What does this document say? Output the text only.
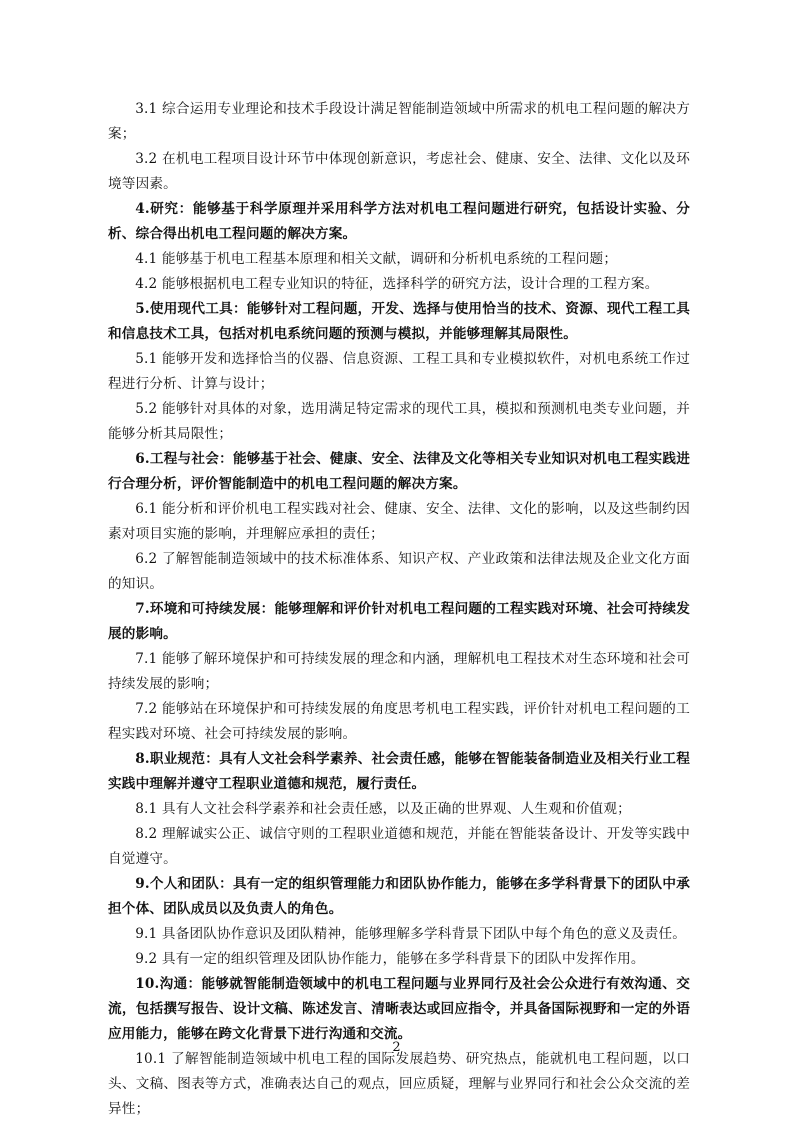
3.1 综合运用专业理论和技术手段设计满足智能制造领域中所需求的机电工程问题的解决方案；

3.2 在机电工程项目设计环节中体现创新意识，考虑社会、健康、安全、法律、文化以及环境等因素。

4.研究：能够基于科学原理并采用科学方法对机电工程问题进行研究，包括设计实验、分析、综合得出机电工程问题的解决方案。

4.1 能够基于机电工程基本原理和相关文献，调研和分析机电系统的工程问题；

4.2 能够根据机电工程专业知识的特征，选择科学的研究方法，设计合理的工程方案。

5.使用现代工具：能够针对工程问题，开发、选择与使用恰当的技术、资源、现代工程工具和信息技术工具，包括对机电系统问题的预测与模拟，并能够理解其局限性。

5.1 能够开发和选择恰当的仪器、信息资源、工程工具和专业模拟软件，对机电系统工作过程进行分析、计算与设计；

5.2 能够针对具体的对象，选用满足特定需求的现代工具，模拟和预测机电类专业问题，并能够分析其局限性；

6.工程与社会：能够基于社会、健康、安全、法律及文化等相关专业知识对机电工程实践进行合理分析，评价智能制造中的机电工程问题的解决方案。

6.1 能分析和评价机电工程实践对社会、健康、安全、法律、文化的影响，以及这些制约因素对项目实施的影响，并理解应承担的责任；

6.2 了解智能制造领域中的技术标准体系、知识产权、产业政策和法律法规及企业文化方面的知识。

7.环境和可持续发展：能够理解和评价针对机电工程问题的工程实践对环境、社会可持续发展的影响。

7.1 能够了解环境保护和可持续发展的理念和内涵，理解机电工程技术对生态环境和社会可持续发展的影响；

7.2 能够站在环境保护和可持续发展的角度思考机电工程实践，评价针对机电工程问题的工程实践对环境、社会可持续发展的影响。

8.职业规范：具有人文社会科学素养、社会责任感，能够在智能装备制造业及相关行业工程实践中理解并遵守工程职业道德和规范，履行责任。

8.1 具有人文社会科学素养和社会责任感，以及正确的世界观、人生观和价值观；

8.2 理解诚实公正、诚信守则的工程职业道德和规范，并能在智能装备设计、开发等实践中自觉遵守。

9.个人和团队：具有一定的组织管理能力和团队协作能力，能够在多学科背景下的团队中承担个体、团队成员以及负责人的角色。

9.1 具备团队协作意识及团队精神，能够理解多学科背景下团队中每个角色的意义及责任。

9.2 具有一定的组织管理及团队协作能力，能够在多学科背景下的团队中发挥作用。

10.沟通：能够就智能制造领域中的机电工程问题与业界同行及社会公众进行有效沟通、交流，包括撰写报告、设计文稿、陈述发言、清晰表达或回应指令，并具备国际视野和一定的外语应用能力，能够在跨文化背景下进行沟通和交流。

10.1 了解智能制造领域中机电工程的国际发展趋势、研究热点，能就机电工程问题，以口头、文稿、图表等方式，准确表达自己的观点，回应质疑，理解与业界同行和社会公众交流的差异性；

2
